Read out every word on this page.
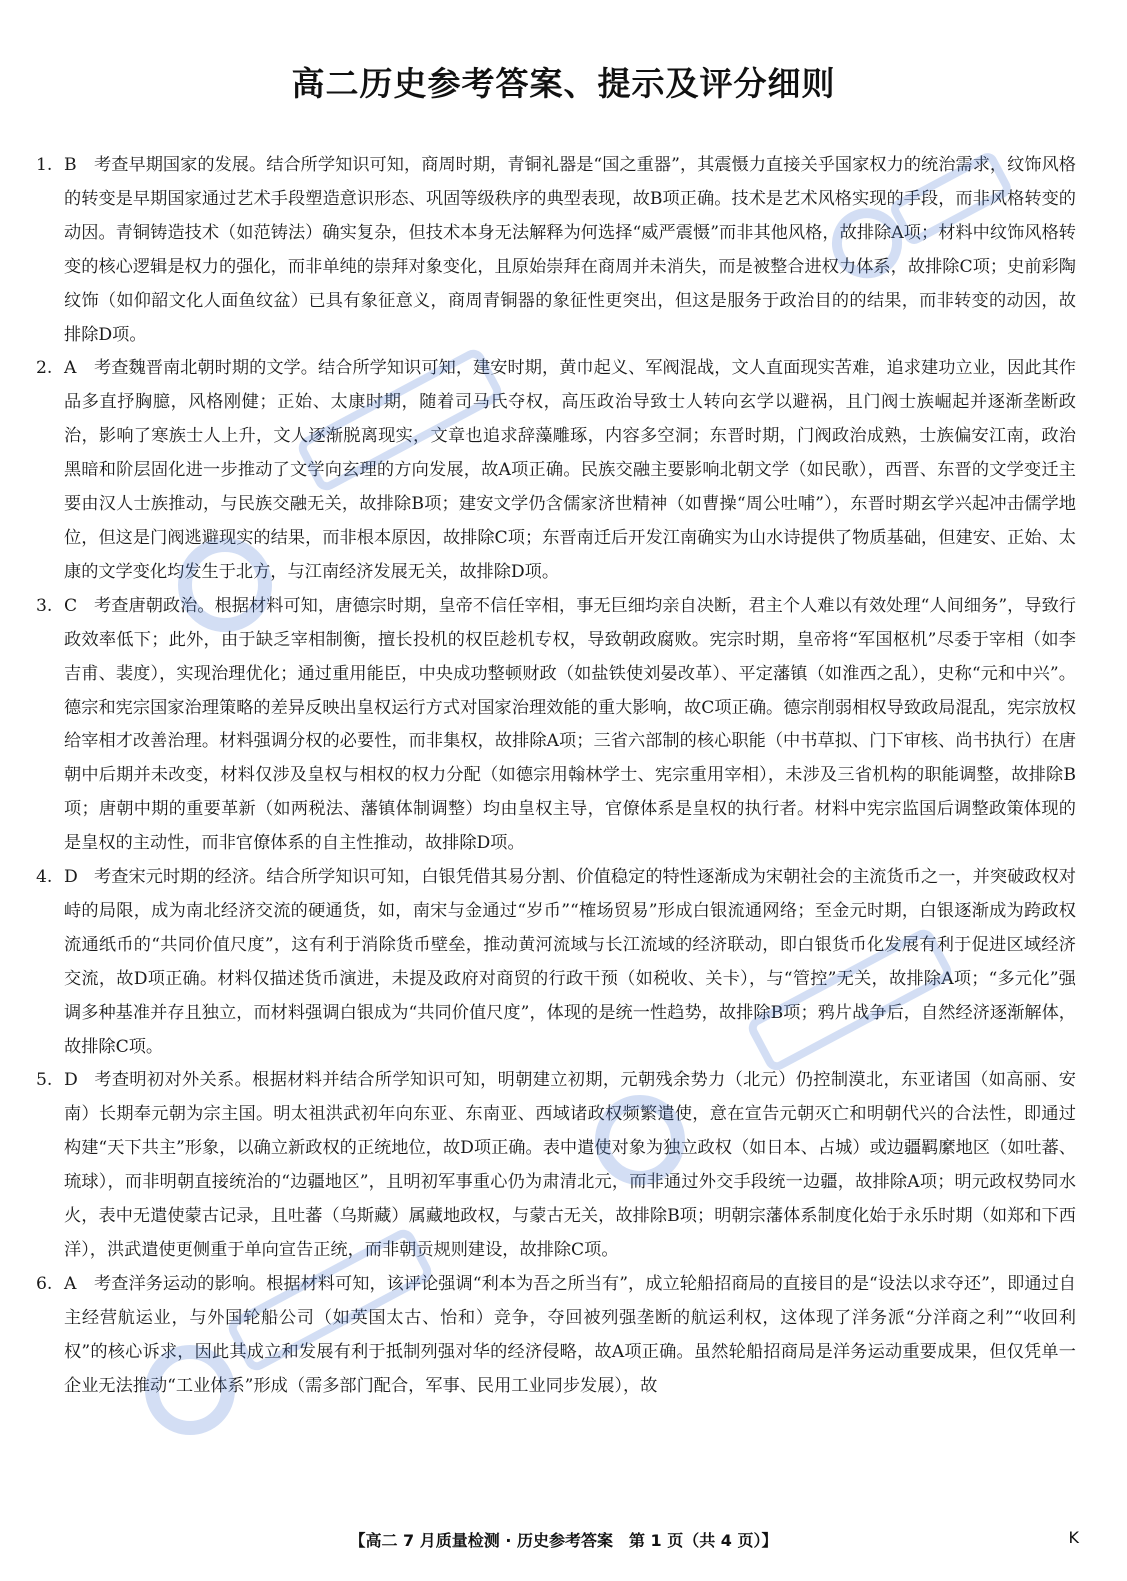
高二历史参考答案、提示及评分细则

1. B 考查早期国家的发展。结合所学知识可知，商周时期，青铜礼器是“国之重器”，其震慑力直接关乎国家权力的统治需求，纹饰风格的转变是早期国家通过艺术手段塑造意识形态、巩固等级秩序的典型表现，故B项正确。技术是艺术风格实现的手段，而非风格转变的动因。青铜铸造技术（如范铸法）确实复杂，但技术本身无法解释为何选择“威严震慑”而非其他风格，故排除A项；材料中纹饰风格转变的核心逻辑是权力的强化，而非单纯的崇拜对象变化，且原始崇拜在商周并未消失，而是被整合进权力体系，故排除C项；史前彩陶纹饰（如仰韶文化人面鱼纹盆）已具有象征意义，商周青铜器的象征性更突出，但这是服务于政治目的的结果，而非转变的动因，故排除D项。

2. A 考查魏晋南北朝时期的文学。结合所学知识可知，建安时期，黄巾起义、军阀混战，文人直面现实苦难，追求建功立业，因此其作品多直抒胸臆，风格刚健；正始、太康时期，随着司马氏夺权，高压政治导致士人转向玄学以避祸，且门阀士族崛起并逐渐垄断政治，影响了寒族士人上升，文人逐渐脱离现实，文章也追求辞藻雕琢，内容多空洞；东晋时期，门阀政治成熟，士族偏安江南，政治黑暗和阶层固化进一步推动了文学向玄理的方向发展，故A项正确。民族交融主要影响北朝文学（如民歌），西晋、东晋的文学变迁主要由汉人士族推动，与民族交融无关，故排除B项；建安文学仍含儒家济世精神（如曹操“周公吐哺”），东晋时期玄学兴起冲击儒学地位，但这是门阀逃避现实的结果，而非根本原因，故排除C项；东晋南迁后开发江南确实为山水诗提供了物质基础，但建安、正始、太康的文学变化均发生于北方，与江南经济发展无关，故排除D项。

3. C 考查唐朝政治。根据材料可知，唐德宗时期，皇帝不信任宰相，事无巨细均亲自决断，君主个人难以有效处理“人间细务”，导致行政效率低下；此外，由于缺乏宰相制衡，擅长投机的权臣趁机专权，导致朝政腐败。宪宗时期，皇帝将“军国枢机”尽委于宰相（如李吉甫、裴度），实现治理优化；通过重用能臣，中央成功整顿财政（如盐铁使刘晏改革）、平定藩镇（如淮西之乱），史称“元和中兴”。德宗和宪宗国家治理策略的差异反映出皇权运行方式对国家治理效能的重大影响，故C项正确。德宗削弱相权导致政局混乱，宪宗放权给宰相才改善治理。材料强调分权的必要性，而非集权，故排除A项；三省六部制的核心职能（中书草拟、门下审核、尚书执行）在唐朝中后期并未改变，材料仅涉及皇权与相权的权力分配（如德宗用翰林学士、宪宗重用宰相），未涉及三省机构的职能调整，故排除B项；唐朝中期的重要革新（如两税法、藩镇体制调整）均由皇权主导，官僚体系是皇权的执行者。材料中宪宗监国后调整政策体现的是皇权的主动性，而非官僚体系的自主性推动，故排除D项。

4. D 考查宋元时期的经济。结合所学知识可知，白银凭借其易分割、价值稳定的特性逐渐成为宋朝社会的主流货币之一，并突破政权对峙的局限，成为南北经济交流的硬通货，如，南宋与金通过“岁币”“榷场贸易”形成白银流通网络；至金元时期，白银逐渐成为跨政权流通纸币的“共同价值尺度”，这有利于消除货币壁垒，推动黄河流域与长江流域的经济联动，即白银货币化发展有利于促进区域经济交流，故D项正确。材料仅描述货币演进，未提及政府对商贸的行政干预（如税收、关卡），与“管控”无关，故排除A项；“多元化”强调多种基准并存且独立，而材料强调白银成为“共同价值尺度”，体现的是统一性趋势，故排除B项；鸦片战争后，自然经济逐渐解体，故排除C项。

5. D 考查明初对外关系。根据材料并结合所学知识可知，明朝建立初期，元朝残余势力（北元）仍控制漠北，东亚诸国（如高丽、安南）长期奉元朝为宗主国。明太祖洪武初年向东亚、东南亚、西域诸政权频繁遣使，意在宣告元朝灭亡和明朝代兴的合法性，即通过构建“天下共主”形象，以确立新政权的正统地位，故D项正确。表中遣使对象为独立政权（如日本、占城）或边疆羁縻地区（如吐蕃、琉球），而非明朝直接统治的“边疆地区”，且明初军事重心仍为肃清北元，而非通过外交手段统一边疆，故排除A项；明元政权势同水火，表中无遣使蒙古记录，且吐蕃（乌斯藏）属藏地政权，与蒙古无关，故排除B项；明朝宗藩体系制度化始于永乐时期（如郑和下西洋），洪武遣使更侧重于单向宣告正统，而非朝贡规则建设，故排除C项。

6. A 考查洋务运动的影响。根据材料可知，该评论强调“利本为吾之所当有”，成立轮船招商局的直接目的是“设法以求夺还”，即通过自主经营航运业，与外国轮船公司（如英国太古、怡和）竞争，夺回被列强垄断的航运利权，这体现了洋务派“分洋商之利”“收回利权”的核心诉求，因此其成立和发展有利于抵制列强对华的经济侵略，故A项正确。虽然轮船招商局是洋务运动重要成果，但仅凭单一企业无法推动“工业体系”形成（需多部门配合，军事、民用工业同步发展），故

【高二 7 月质量检测 · 历史参考答案　第 1 页（共 4 页）】	K
